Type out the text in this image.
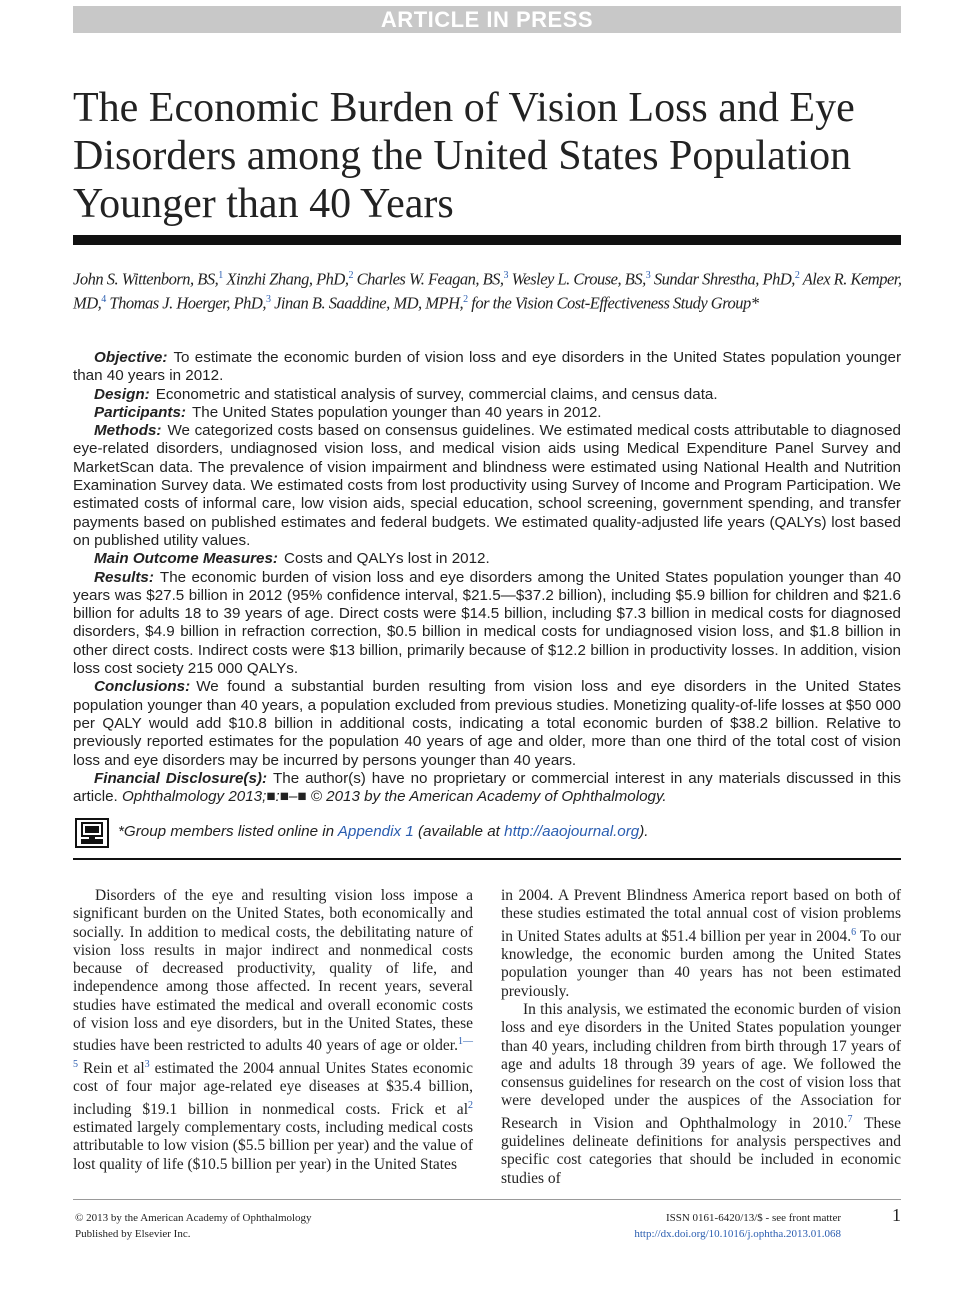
ARTICLE IN PRESS
The Economic Burden of Vision Loss and Eye Disorders among the United States Population Younger than 40 Years

John S. Wittenborn, BS,$^1$ Xinzhi Zhang, PhD,$^2$ Charles W. Feagan, BS,$^3$ Wesley L. Crouse, BS,$^3$ Sundar Shrestha, PhD,$^2$ Alex R. Kemper, MD,$^4$ Thomas J. Hoerger, PhD,$^3$ Jinan B. Saaddine, MD, MPH,$^2$ for the Vision Cost-Effectiveness Study Group*

Objective: To estimate the economic burden of vision loss and eye disorders in the United States population younger than 40 years in 2012.

Design: Econometric and statistical analysis of survey, commercial claims, and census data.

Participants: The United States population younger than 40 years in 2012.

Methods: We categorized costs based on consensus guidelines. We estimated medical costs attributable to diagnosed eye-related disorders, undiagnosed vision loss, and medical vision aids using Medical Expenditure Panel Survey and MarketScan data. The prevalence of vision impairment and blindness were estimated using National Health and Nutrition Examination Survey data. We estimated costs from lost productivity using Survey of Income and Program Participation. We estimated costs of informal care, low vision aids, special education, school screening, government spending, and transfer payments based on published estimates and federal budgets. We estimated quality-adjusted life years (QALYs) lost based on published utility values.

Main Outcome Measures: Costs and QALYs lost in 2012.

Results: The economic burden of vision loss and eye disorders among the United States population younger than 40 years was $27.5 billion in 2012 (95% confidence interval, $21.5—$37.2 billion), including $5.9 billion for children and $21.6 billion for adults 18 to 39 years of age. Direct costs were $14.5 billion, including $7.3 billion in medical costs for diagnosed disorders, $4.9 billion in refraction correction, $0.5 billion in medical costs for undiagnosed vision loss, and $1.8 billion in other direct costs. Indirect costs were $13 billion, primarily because of $12.2 billion in productivity losses. In addition, vision loss cost society 215 000 QALYs.

Conclusions: We found a substantial burden resulting from vision loss and eye disorders in the United States population younger than 40 years, a population excluded from previous studies. Monetizing quality-of-life losses at $50 000 per QALY would add $10.8 billion in additional costs, indicating a total economic burden of $38.2 billion. Relative to previously reported estimates for the population 40 years of age and older, more than one third of the total cost of vision loss and eye disorders may be incurred by persons younger than 40 years.

Financial Disclosure(s): The author(s) have no proprietary or commercial interest in any materials discussed in this article. Ophthalmology 2013;■:■–■ © 2013 by the American Academy of Ophthalmology.

*Group members listed online in Appendix 1 (available at http://aaojournal.org).

Disorders of the eye and resulting vision loss impose a significant burden on the United States, both economically and socially. In addition to medical costs, the debilitating nature of vision loss results in major indirect and nonmedical costs because of decreased productivity, quality of life, and independence among those affected. In recent years, several studies have estimated the medical and overall economic costs of vision loss and eye disorders, but in the United States, these studies have been restricted to adults 40 years of age or older.$^{1—5}$ Rein et $al^3$ estimated the 2004 annual Unites States economic cost of four major age-related eye diseases at $35.4 billion, including $19.1 billion in nonmedical costs. Frick et $al^2$ estimated largely complementary costs, including medical costs attributable to low vision ($5.5 billion per year) and the value of lost quality of life ($10.5 billion per year) in the United States

in 2004. A Prevent Blindness America report based on both of these studies estimated the total annual cost of vision problems in United States adults at $51.4 billion per year in 2004.$^6$ To our knowledge, the economic burden among the United States population younger than 40 years has not been estimated previously.

In this analysis, we estimated the economic burden of vision loss and eye disorders in the United States population younger than 40 years, including children from birth through 17 years of age and adults 18 through 39 years of age. We followed the consensus guidelines for research on the cost of vision loss that were developed under the auspices of the Association for Research in Vision and Ophthalmology in 2010.$^7$ These guidelines delineate definitions for analysis perspectives and specific cost categories that should be included in economic studies of

© 2013 by the American Academy of Ophthalmology
Published by Elsevier Inc.
ISSN 0161-6420/13/$ - see front matter
http://dx.doi.org/10.1016/j.ophtha.2013.01.068
1
